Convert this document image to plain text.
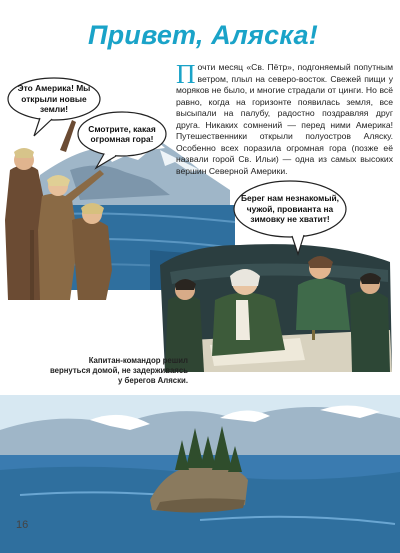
Привет, Аляска!
Почти месяц «Св. Пётр», подгоняемый попутным ветром, плыл на северо-восток. Свежей пищи у моряков не было, и многие страдали от цинги. Но всё равно, когда на горизонте появилась земля, все высыпали на палубу, радостно поздравляя друг друга. Никаких сомнений — перед ними Америка! Путешественники открыли полуостров Аляску. Особенно всех поразила огромная гора (позже её назвали горой Св. Ильи) — одна из самых высоких вершин Северной Америки.
Это Америка! Мы открыли новые земли!
Смотрите, какая огромная гора!
Берег нам незнакомый, чужой, провианта на зимовку не хватит!
Капитан-командор решил вернуться домой, не задерживаясь у берегов Аляски.
16
